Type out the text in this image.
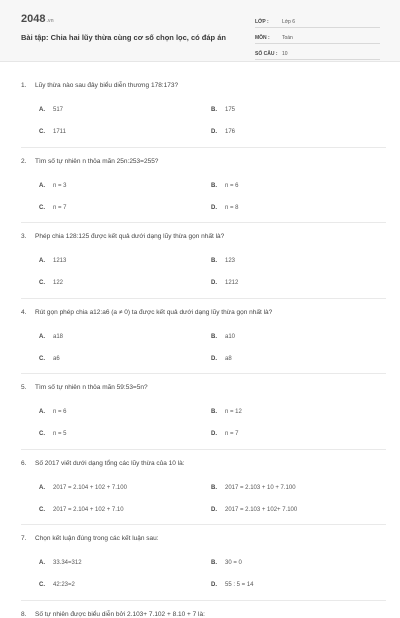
2048.vn
Bài tập: Chia hai lũy thừa cùng cơ số chọn lọc, có đáp án
LỚP :	Lớp 6
MÔN :	Toán
SỐ CÂU : 10
1.	Lũy thừa nào sau đây biểu diễn thương 178:173?
A.	517	B.	175
C.	1711	D.	176
2.	Tìm số tự nhiên n thỏa mãn 25n:253=255?
A.	n = 3	B.	n = 6
C.	n = 7	D.	n = 8
3.	Phép chia 128:125 được kết quả dưới dạng lũy thừa gọn nhất là?
A.	1213	B.	123
C.	122	D.	1212
4.	Rút gọn phép chia a12:a6 (a ≠ 0) ta được kết quả dưới dạng lũy thừa gọn nhất là?
A.	a18	B.	a10
C.	a6	D.	a8
5.	Tìm số tự nhiên n thỏa mãn 59:53=5n?
A.	n = 6	B.	n = 12
C.	n = 5	D.	n = 7
6.	Số 2017 viết dưới dạng tổng các lũy thừa của 10 là:
A.	2017 = 2.104 + 102 + 7.100	B.	2017 = 2.103 + 10 + 7.100
C.	2017 = 2.104 + 102 + 7.10	D.	2017 = 2.103 + 102+ 7.100
7.	Chọn kết luận đúng trong các kết luận sau:
A.	33.34=312	B.	30 = 0
C.	42:23=2	D.	55 : 5 = 14
8.	Số tự nhiên được biểu diễn bởi 2.103+ 7.102 + 8.10 + 7 là:
